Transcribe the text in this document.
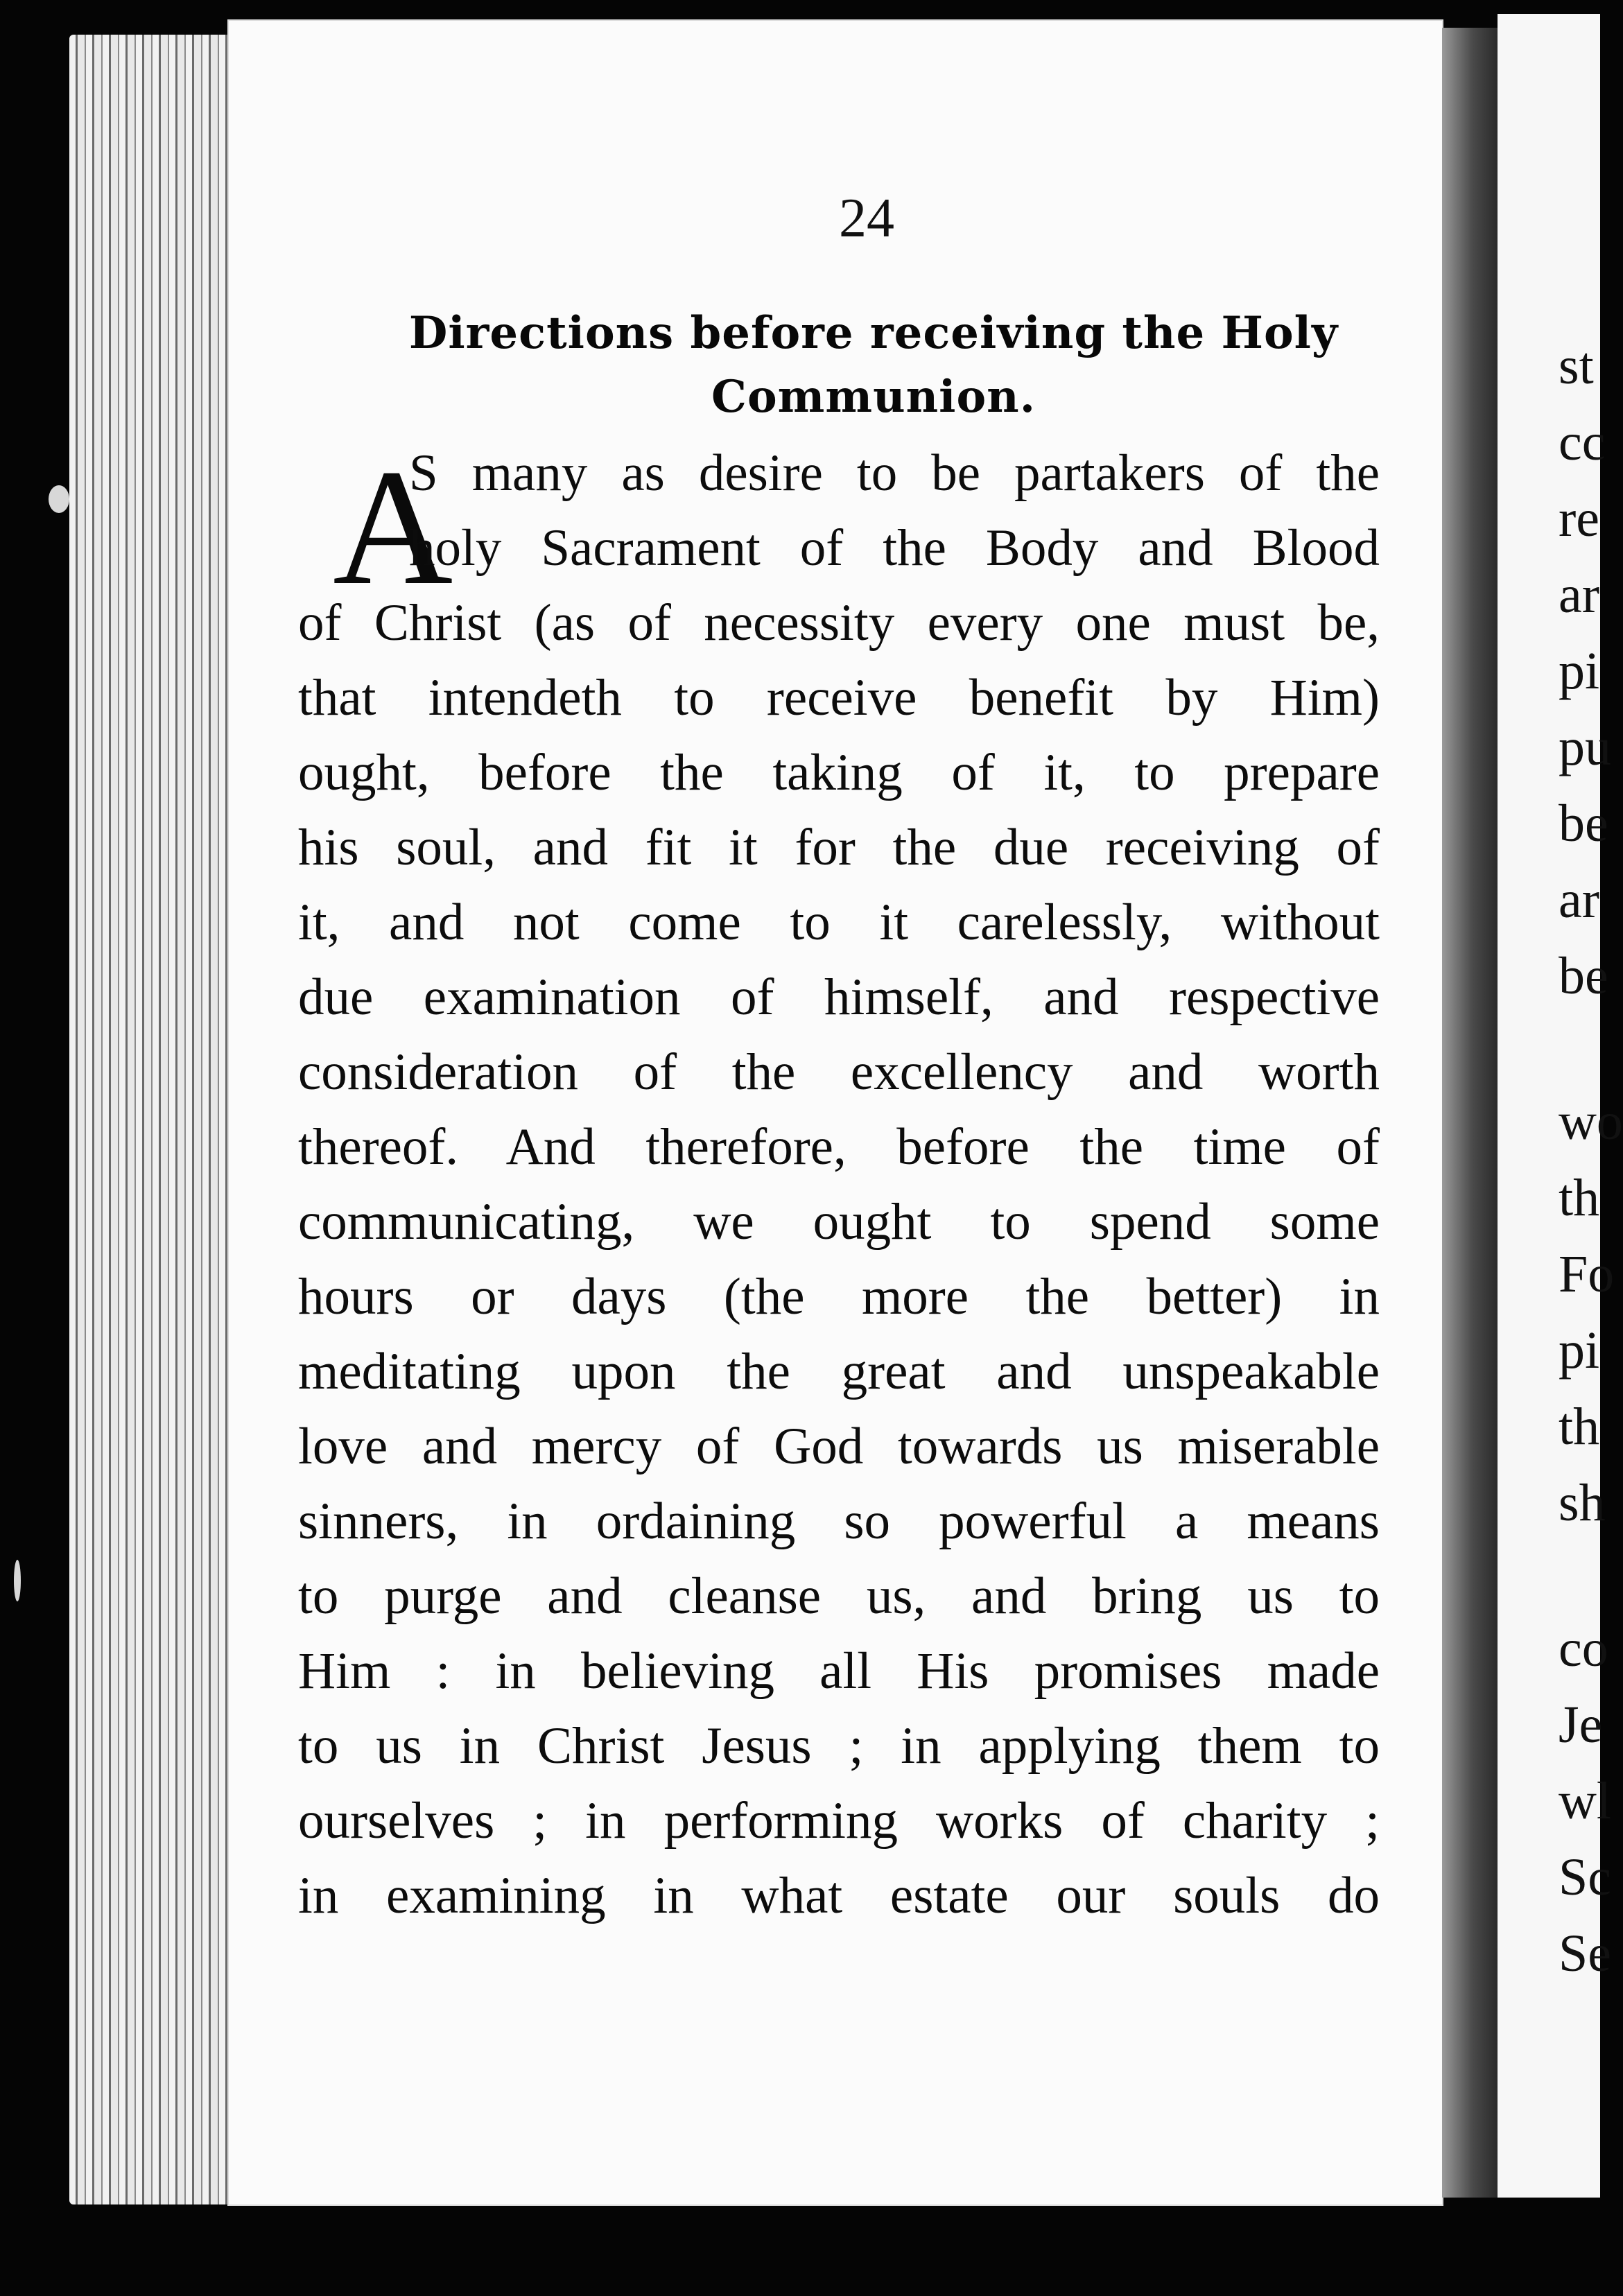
st
cc
re
ar
pi
pu
be
ar
be
wo
th
Fo
pi
th
sh
co
Je
wl
Sc
Se
24
Directions before receiving the Holy
Communion.
A
S many as desire to be partakers of the
holy Sacrament of the Body and Blood
of Christ (as of necessity every one must be,
that intendeth to receive benefit by Him)
ought, before the taking of it, to prepare
his soul, and fit it for the due receiving of
it, and not come to it carelessly, without
due examination of himself, and respective
consideration of the excellency and worth
thereof. And therefore, before the time of
communicating, we ought to spend some
hours or days (the more the better) in
meditating upon the great and unspeakable
love and mercy of God towards us miserable
sinners, in ordaining so powerful a means
to purge and cleanse us, and bring us to
Him : in believing all His promises made
to us in Christ Jesus ; in applying them to
ourselves ; in performing works of charity ;
in examining in what estate our souls do
